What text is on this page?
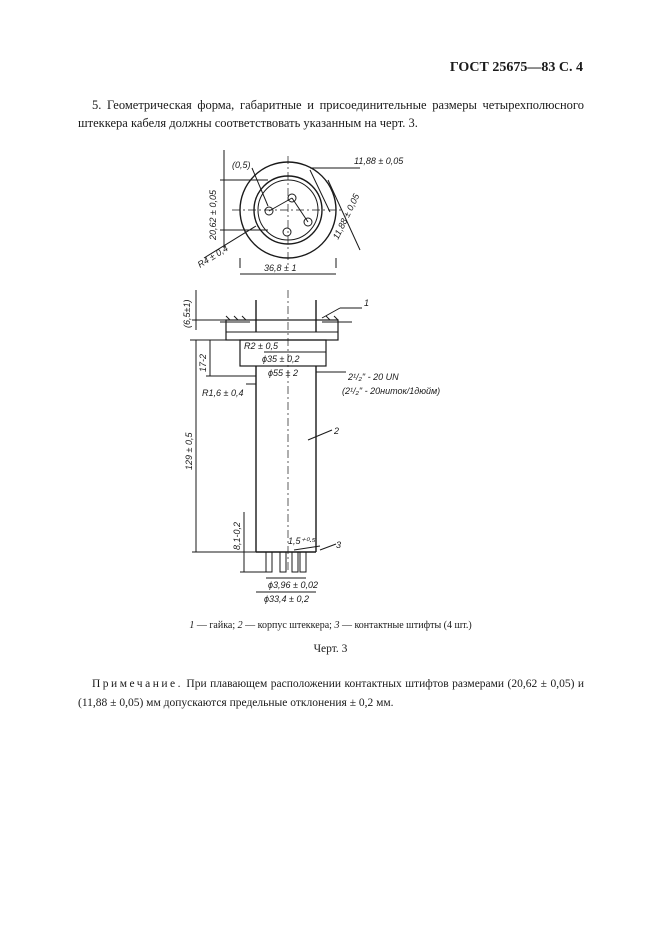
ГОСТ 25675—83 С. 4
5. Геометрическая форма, габаритные и присоединительные размеры четырехполюсного штеккера кабеля должны соответствовать указанным на черт. 3.
(0,5)
20,62 ± 0,05
11,88 ± 0,05
11,88 ± 0,05
R4 ± 0,4	36,8 ± 1
(6,5±1)	1
R2 ± 0,5
17-2	ϕ35 ± 0,2
ϕ55 ± 2	2¹/₂" - 20 UN
(2¹/₂" - 20ниток/1дюйм)
R1,6 ± 0,4
2
129 ± 0,5
8,1-0,2	1,5⁺⁰·⁵ 3
ϕ3,96 ± 0,02
ϕ33,4 ± 0,2
1 — гайка; 2 — корпус штеккера; 3 — контактные штифты (4 шт.)
Черт. 3
Примечание. При плавающем расположении контактных штифтов размерами (20,62 ± 0,05) и (11,88 ± 0,05) мм допускаются предельные отклонения ± 0,2 мм.
